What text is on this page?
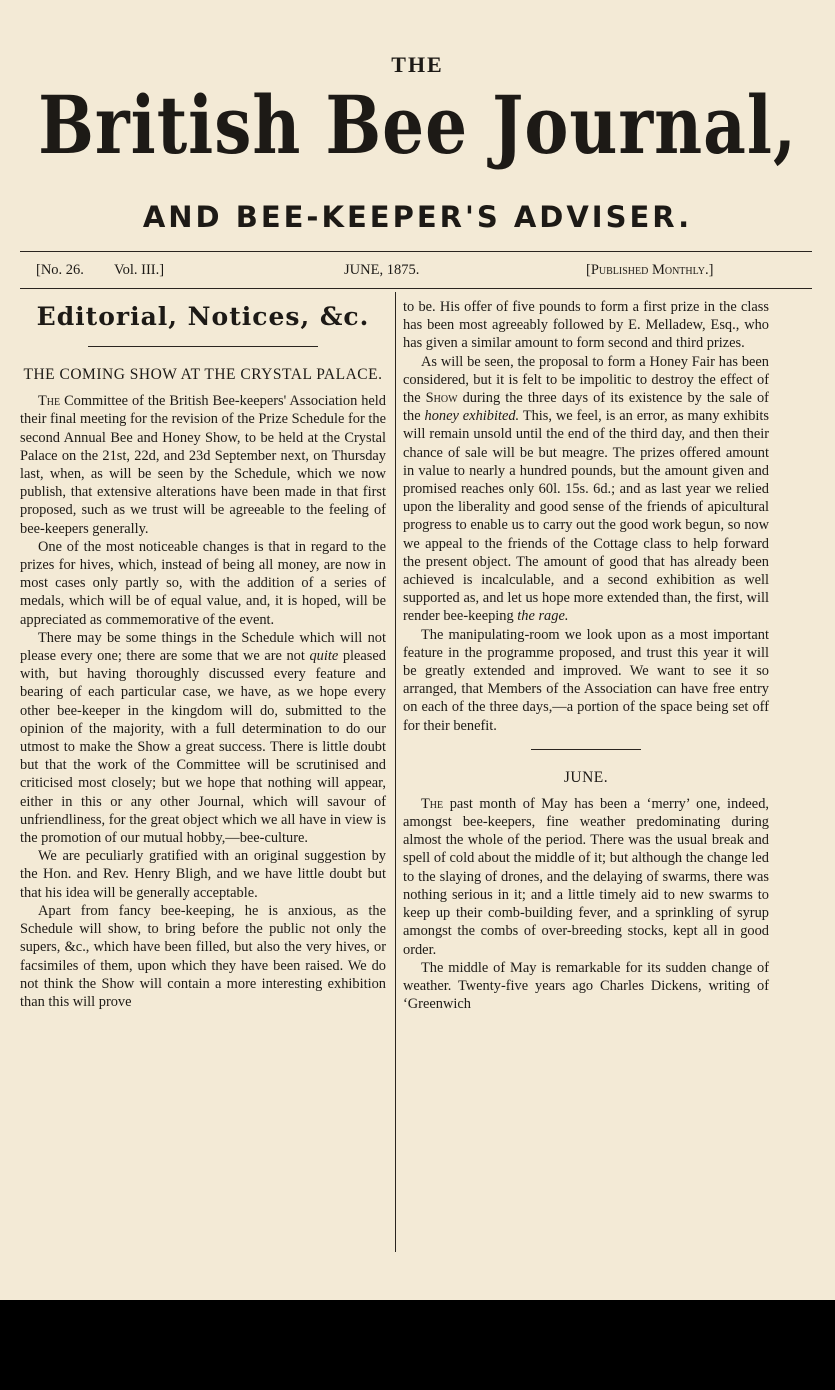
THE
British Bee Journal,
AND BEE-KEEPER'S ADVISER.
[No. 26. Vol. III.]	JUNE, 1875.	[Published Monthly.]
Editorial, Notices, &c.
THE COMING SHOW AT THE CRYSTAL PALACE.

The Committee of the British Bee-keepers' Association held their final meeting for the revision of the Prize Schedule for the second Annual Bee and Honey Show, to be held at the Crystal Palace on the 21st, 22d, and 23d September next, on Thursday last, when, as will be seen by the Schedule, which we now publish, that extensive alterations have been made in that first proposed, such as we trust will be agreeable to the feeling of bee-keepers generally.

One of the most noticeable changes is that in regard to the prizes for hives, which, instead of being all money, are now in most cases only partly so, with the addition of a series of medals, which will be of equal value, and, it is hoped, will be appreciated as commemorative of the event.

There may be some things in the Schedule which will not please every one; there are some that we are not quite pleased with, but having thoroughly discussed every feature and bearing of each particular case, we have, as we hope every other bee-keeper in the kingdom will do, submitted to the opinion of the majority, with a full determination to do our utmost to make the Show a great success. There is little doubt but that the work of the Committee will be scrutinised and criticised most closely; but we hope that nothing will appear, either in this or any other Journal, which will savour of unfriendliness, for the great object which we all have in view is the promotion of our mutual hobby,—bee-culture.

We are peculiarly gratified with an original suggestion by the Hon. and Rev. Henry Bligh, and we have little doubt but that his idea will be generally acceptable.

Apart from fancy bee-keeping, he is anxious, as the Schedule will show, to bring before the public not only the supers, &c., which have been filled, but also the very hives, or facsimiles of them, upon which they have been raised. We do not think the Show will contain a more interesting exhibition than this will prove

to be. His offer of five pounds to form a first prize in the class has been most agreeably followed by E. Melladew, Esq., who has given a similar amount to form second and third prizes.

As will be seen, the proposal to form a Honey Fair has been considered, but it is felt to be impolitic to destroy the effect of the Show during the three days of its existence by the sale of the honey exhibited. This, we feel, is an error, as many exhibits will remain unsold until the end of the third day, and then their chance of sale will be but meagre. The prizes offered amount in value to nearly a hundred pounds, but the amount given and promised reaches only 60l. 15s. 6d.; and as last year we relied upon the liberality and good sense of the friends of apicultural progress to enable us to carry out the good work begun, so now we appeal to the friends of the Cottage class to help forward the present object. The amount of good that has already been achieved is incalculable, and a second exhibition as well supported as, and let us hope more extended than, the first, will render bee-keeping the rage.

The manipulating-room we look upon as a most important feature in the programme proposed, and trust this year it will be greatly extended and improved. We want to see it so arranged, that Members of the Association can have free entry on each of the three days,—a portion of the space being set off for their benefit.

JUNE.

The past month of May has been a ‘merry’ one, indeed, amongst bee-keepers, fine weather predominating during almost the whole of the period. There was the usual break and spell of cold about the middle of it; but although the change led to the slaying of drones, and the delaying of swarms, there was nothing serious in it; and a little timely aid to new swarms to keep up their comb-building fever, and a sprinkling of syrup amongst the combs of over-breeding stocks, kept all in good order.

The middle of May is remarkable for its sudden change of weather. Twenty-five years ago Charles Dickens, writing of ‘Greenwich
